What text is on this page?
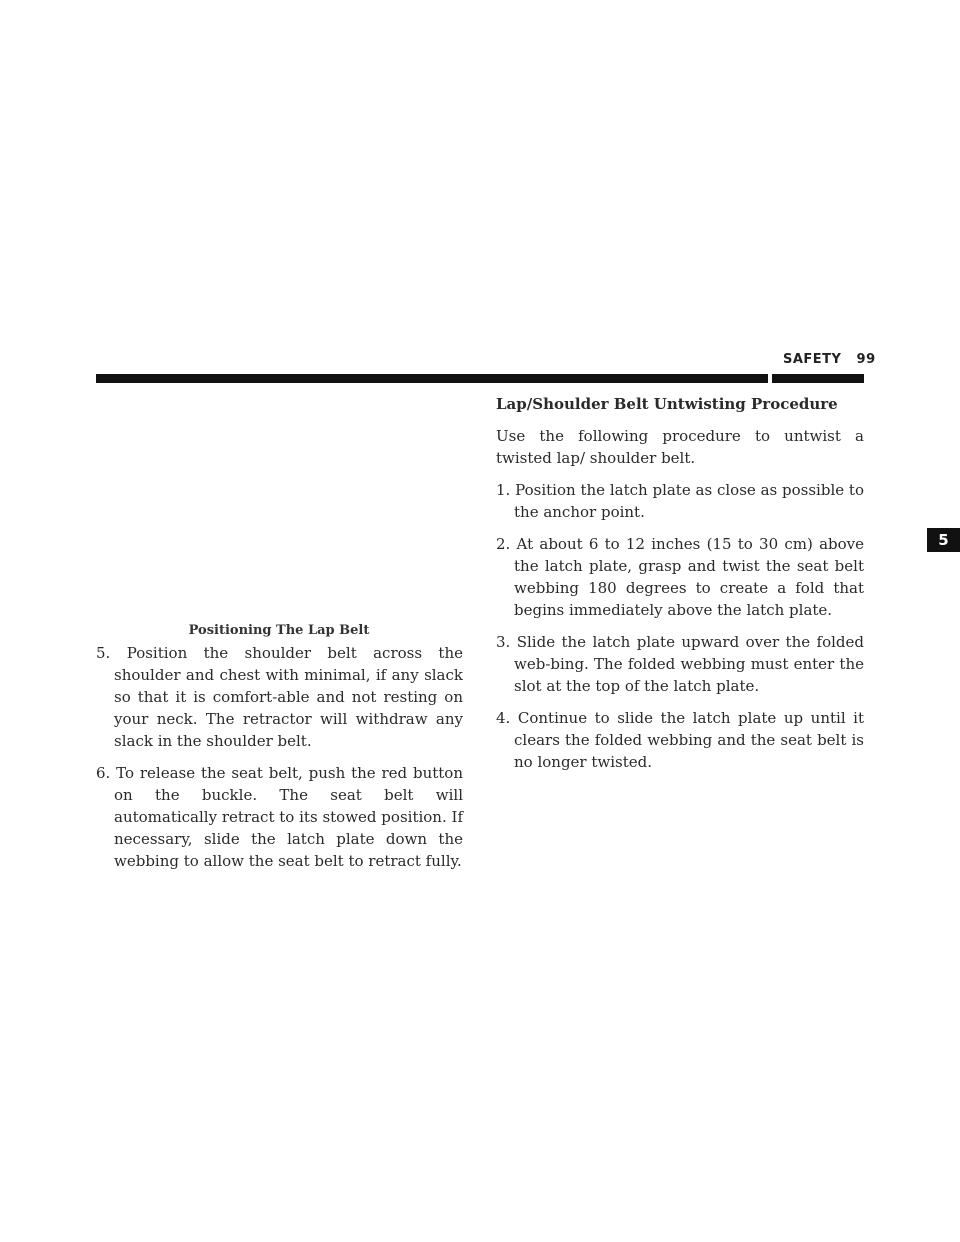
SAFETY 99
5
Positioning The Lap Belt
5. Position the shoulder belt across the shoulder and chest with minimal, if any slack so that it is comfort-able and not resting on your neck. The retractor will withdraw any slack in the shoulder belt.
6. To release the seat belt, push the red button on the buckle. The seat belt will automatically retract to its stowed position. If necessary, slide the latch plate down the webbing to allow the seat belt to retract fully.
Lap/Shoulder Belt Untwisting Procedure

Use the following procedure to untwist a twisted lap/ shoulder belt.

1. Position the latch plate as close as possible to the anchor point.
2. At about 6 to 12 inches (15 to 30 cm) above the latch plate, grasp and twist the seat belt webbing 180 degrees to create a fold that begins immediately above the latch plate.
3. Slide the latch plate upward over the folded web-bing. The folded webbing must enter the slot at the top of the latch plate.
4. Continue to slide the latch plate up until it clears the folded webbing and the seat belt is no longer twisted.
